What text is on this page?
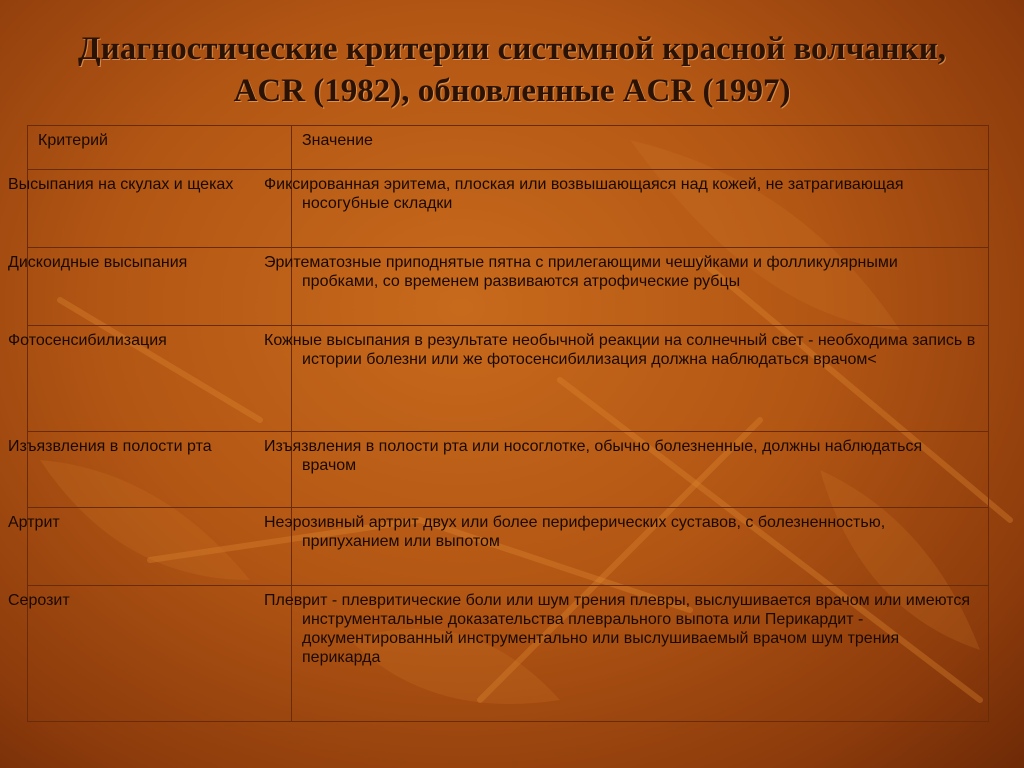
Диагностические критерии системной красной волчанки,
ACR (1982), обновленные ACR (1997)
Критерий	Значение
Высыпания на скулах и щеках	Фиксированная эритема, плоская или возвышающаяся над кожей, не затрагивающая носогубные складки
Дискоидные высыпания	Эритематозные приподнятые пятна с прилегающими чешуйками и фолликулярными пробками, со временем развиваются атрофические рубцы
Фотосенсибилизация	Кожные высыпания в результате необычной реакции на солнечный свет - необходима запись в истории болезни или же фотосенсибилизация должна наблюдаться врачом<
Изъязвления в полости рта	Изъязвления в полости рта или носоглотке, обычно болезненные, должны наблюдаться врачом
Артрит	Неэрозивный артрит двух или более периферических суставов, с болезненностью, припуханием или выпотом
Серозит	Плеврит - плевритические боли или шум трения плевры, выслушивается врачом или имеются инструментальные доказательства плеврального выпота или Перикардит - документированный инструментально или выслушиваемый врачом шум трения перикарда
